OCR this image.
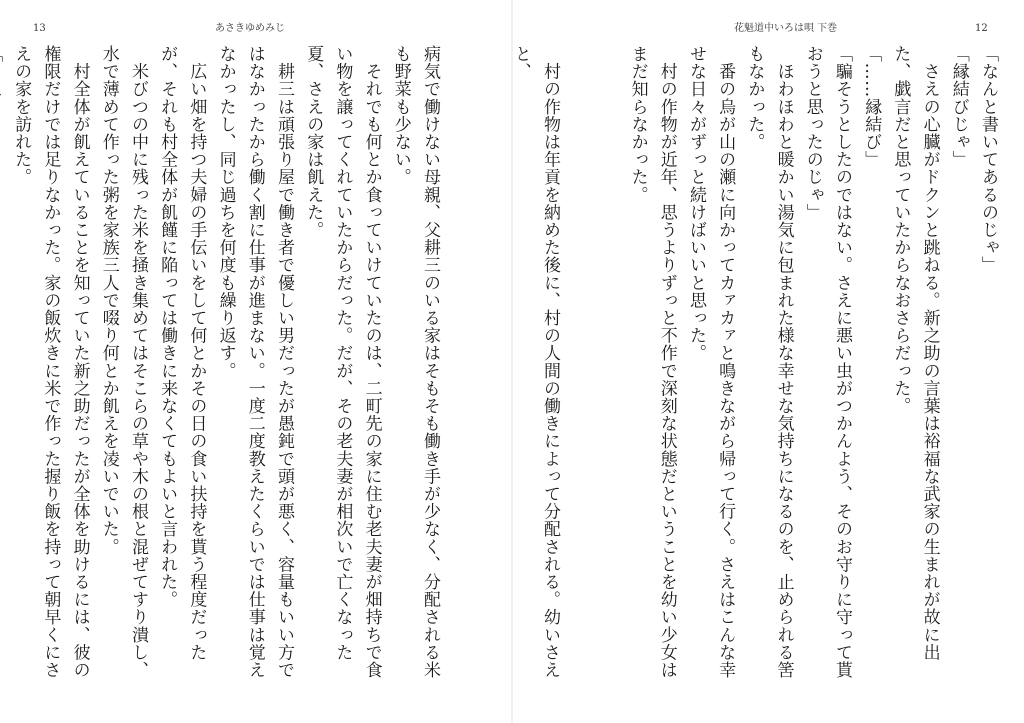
13	あさきゆめみじ

病気で働けない母親、父耕三のいる家はそもそも働き手が少なく、分配される米も野菜も少ない。

　それでも何とか食っていけていたのは、二町先の家に住む老夫妻が畑持ちで食い物を譲ってくれていたからだった。だが、その老夫妻が相次いで亡くなった夏、さえの家は飢えた。

　耕三は頑張り屋で働き者で優しい男だったが愚鈍で頭が悪く、容量もいい方ではなかったから働く割に仕事が進まない。一度二度教えたくらいでは仕事は覚えなかったし、同じ過ちを何度も繰り返す。

　広い畑を持つ夫婦の手伝いをして何とかその日の食い扶持を貰う程度だったが、それも村全体が飢饉に陥っては働きに来なくてもよいと言われた。

　米びつの中に残った米を掻き集めてはそこらの草や木の根と混ぜてすり潰し、水で薄めて作った粥を家族三人で啜り何とか飢えを凌いでいた。

　村全体が飢えていることを知っていた新之助だったが全体を助けるには、彼の権限だけでは足りなかった。家の飯炊きに米で作った握り飯を持って朝早くにさえの家を訪れた。

花魁道中いろは唄 下巻	12

「なんと書いてあるのじゃ」

「縁結びじゃ」

　さえの心臓がドクンと跳ねる。新之助の言葉は裕福な武家の生まれが故に出た、戯言だと思っていたからなおさらだった。

「……縁結び」

「騙そうとしたのではない。さえに悪い虫がつかんよう、そのお守りに守って貰おうと思ったのじゃ」

　ほわほわと暖かい湯気に包まれた様な幸せな気持ちになるのを、止められる筈もなかった。

　番の烏が山の瀬に向かってカァカァと鳴きながら帰って行く。さえはこんな幸せな日々がずっと続けばいいと思った。

　村の作物が近年、思うよりずっと不作で深刻な状態だということを幼い少女はまだ知らなかった。

　村の作物は年貢を納めた後に、村の人間の働きによって分配される。幼いさえと、
